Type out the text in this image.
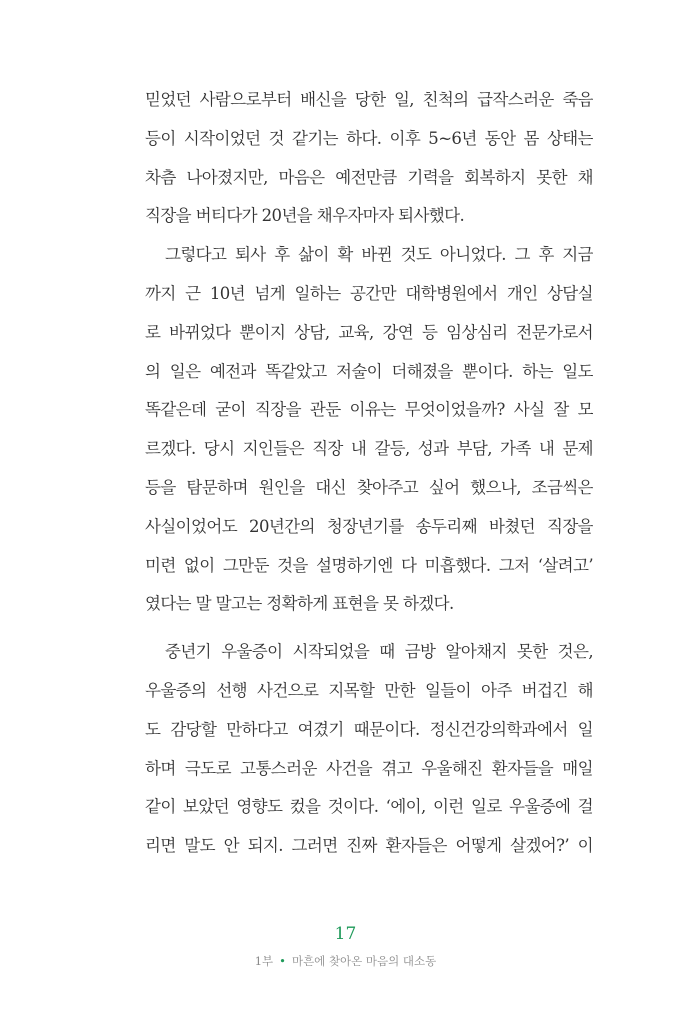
믿었던 사람으로부터 배신을 당한 일, 친척의 급작스러운 죽음
등이 시작이었던 것 같기는 하다. 이후 5~6년 동안 몸 상태는
차츰 나아졌지만, 마음은 예전만큼 기력을 회복하지 못한 채
직장을 버티다가 20년을 채우자마자 퇴사했다.
그렇다고 퇴사 후 삶이 확 바뀐 것도 아니었다. 그 후 지금
까지 근 10년 넘게 일하는 공간만 대학병원에서 개인 상담실
로 바뀌었다 뿐이지 상담, 교육, 강연 등 임상심리 전문가로서
의 일은 예전과 똑같았고 저술이 더해졌을 뿐이다. 하는 일도
똑같은데 굳이 직장을 관둔 이유는 무엇이었을까? 사실 잘 모
르겠다. 당시 지인들은 직장 내 갈등, 성과 부담, 가족 내 문제
등을 탐문하며 원인을 대신 찾아주고 싶어 했으나, 조금씩은
사실이었어도 20년간의 청장년기를 송두리째 바쳤던 직장을
미련 없이 그만둔 것을 설명하기엔 다 미흡했다. 그저 ‘살려고’
였다는 말 말고는 정확하게 표현을 못 하겠다.
중년기 우울증이 시작되었을 때 금방 알아채지 못한 것은,
우울증의 선행 사건으로 지목할 만한 일들이 아주 버겁긴 해
도 감당할 만하다고 여겼기 때문이다. 정신건강의학과에서 일
하며 극도로 고통스러운 사건을 겪고 우울해진 환자들을 매일
같이 보았던 영향도 컸을 것이다. ‘에이, 이런 일로 우울증에 걸
리면 말도 안 되지. 그러면 진짜 환자들은 어떻게 살겠어?’ 이
17
1부 • 마흔에 찾아온 마음의 대소동
